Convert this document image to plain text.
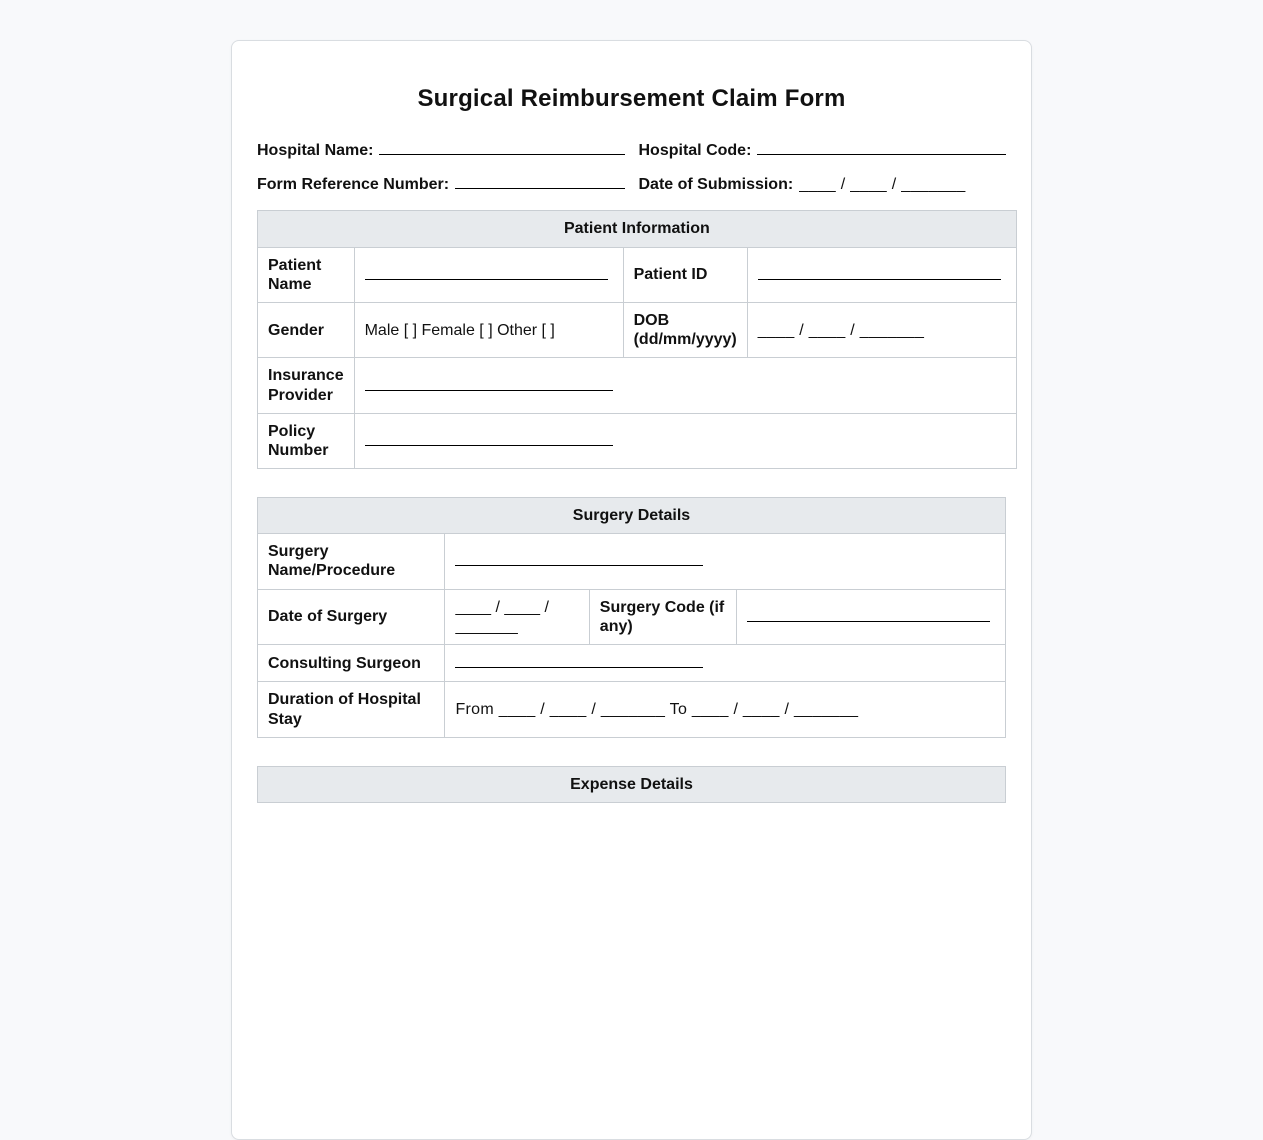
Surgical Reimbursement Claim Form
Hospital Name:	Hospital Code:
Form Reference Number:	Date of Submission: ____ / ____ / _______
Patient Information			
Patient Name		Patient ID	
Gender	Male [ ] Female [ ] Other [ ]	DOB (dd/mm/yyyy)	____ / ____ / _______
Insurance Provider			
Policy Number			
Surgery Details			
Surgery Name/Procedure			
Date of Surgery	____ / ____ / _______	Surgery Code (if any)	
Consulting Surgeon			
Duration of Hospital Stay	From ____ / ____ / _______ To ____ / ____ / _______		
Expense Details
